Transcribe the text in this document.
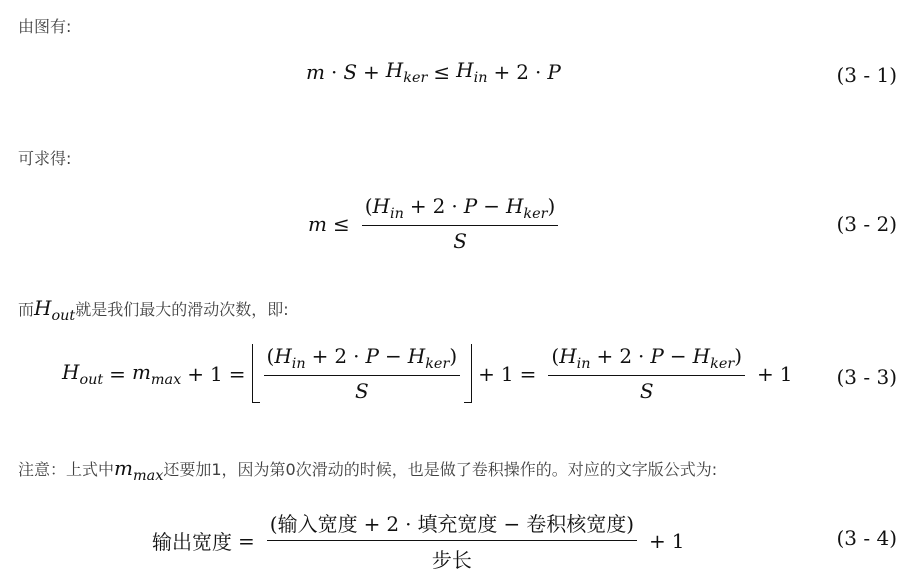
由图有:
$m \cdot S + H_{ker} \le H_{in} + 2 \cdot P$	(3 - 1)
可求得:
$m \le \frac{(H_{in} + 2 \cdot P - H_{ker})}{S}$	(3 - 2)
而$H_{out}$就是我们最大的滑动次数，即:
$H_{out} = m_{max} + 1 = \frac{(H_{in} + 2 \cdot P - H_{ker})}{S} + 1 = \frac{(H_{in} + 2 \cdot P - H_{ker})}{S} + 1$ (3 - 3)
注意：上式中$m_{max}$还要加1，因为第0次滑动的时候，也是做了卷积操作的。对应的文字版公式为:
输出宽度 = $\frac{\text{(输入宽度 + 2 · 填充宽度 − 卷积核宽度)}}{\text{步长}} + 1$	(3 - 4)
